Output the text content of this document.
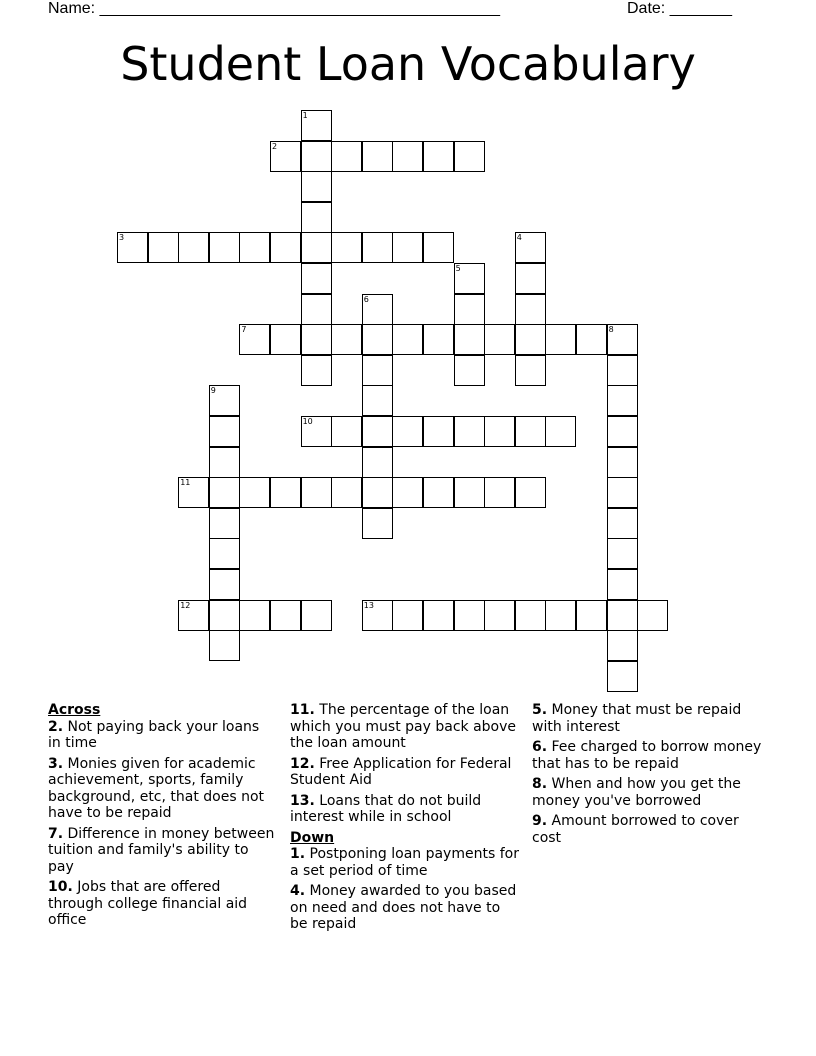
Name: _____________________________________________	Date: _______
Student Loan Vocabulary
1
2
3	4
5
6
7	8
9
10
11
12	13

Across

2. Not paying back your loans in time

3. Monies given for academic achievement, sports, family background, etc, that does not have to be repaid

7. Difference in money between tuition and family's ability to pay

10. Jobs that are offered through college financial aid office

11. The percentage of the loan which you must pay back above the loan amount

12. Free Application for Federal Student Aid

13. Loans that do not build interest while in school

Down

1. Postponing loan payments for a set period of time

4. Money awarded to you based on need and does not have to be repaid

5. Money that must be repaid with interest

6. Fee charged to borrow money that has to be repaid

8. When and how you get the money you've borrowed

9. Amount borrowed to cover cost
